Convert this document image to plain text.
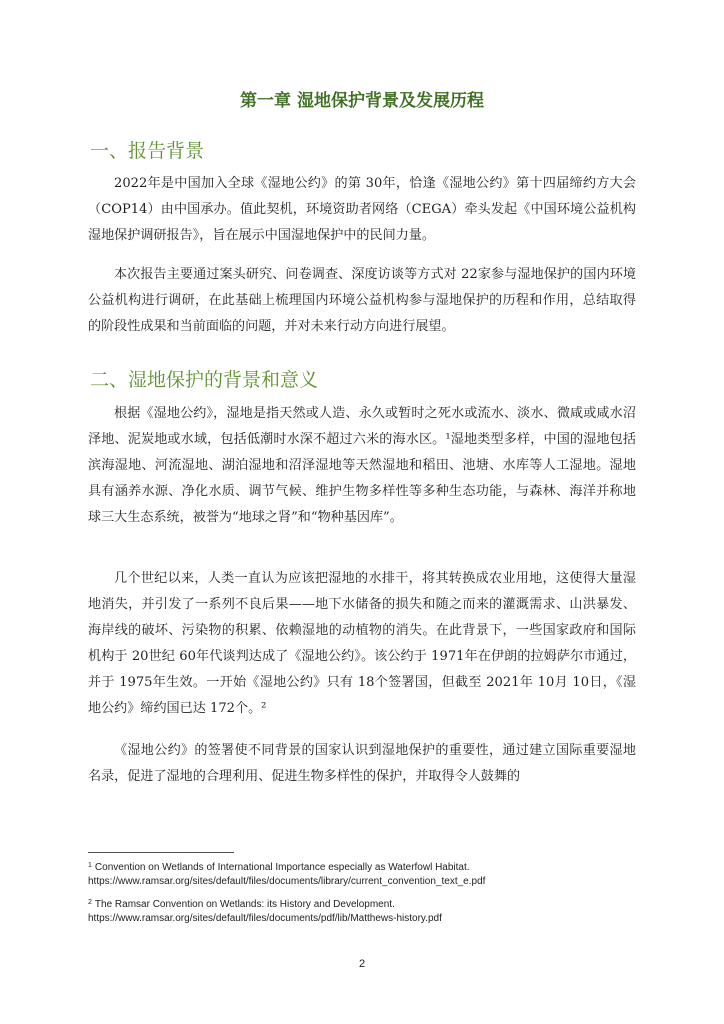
第一章 湿地保护背景及发展历程
一、报告背景

2022年是中国加入全球《湿地公约》的第 30年，恰逢《湿地公约》第十四届缔约方大会（COP14）由中国承办。值此契机，环境资助者网络（CEGA）牵头发起《中国环境公益机构湿地保护调研报告》，旨在展示中国湿地保护中的民间力量。

本次报告主要通过案头研究、问卷调查、深度访谈等方式对 22家参与湿地保护的国内环境公益机构进行调研，在此基础上梳理国内环境公益机构参与湿地保护的历程和作用，总结取得的阶段性成果和当前面临的问题，并对未来行动方向进行展望。

二、湿地保护的背景和意义

根据《湿地公约》，湿地是指天然或人造、永久或暂时之死水或流水、淡水、微咸或咸水沼泽地、泥炭地或水域，包括低潮时水深不超过六米的海水区。¹湿地类型多样，中国的湿地包括滨海湿地、河流湿地、湖泊湿地和沼泽湿地等天然湿地和稻田、池塘、水库等人工湿地。湿地具有涵养水源、净化水质、调节气候、维护生物多样性等多种生态功能，与森林、海洋并称地球三大生态系统，被誉为“地球之肾”和“物种基因库”。

几个世纪以来，人类一直认为应该把湿地的水排干，将其转换成农业用地，这使得大量湿地消失，并引发了一系列不良后果——地下水储备的损失和随之而来的灌溉需求、山洪暴发、海岸线的破坏、污染物的积累、依赖湿地的动植物的消失。在此背景下，一些国家政府和国际机构于 20世纪 60年代谈判达成了《湿地公约》。该公约于 1971年在伊朗的拉姆萨尔市通过，并于 1975年生效。一开始《湿地公约》只有 18个签署国，但截至 2021年 10月 10日，《湿地公约》缔约国已达 172个。²

《湿地公约》的签署使不同背景的国家认识到湿地保护的重要性，通过建立国际重要湿地名录，促进了湿地的合理利用、促进生物多样性的保护，并取得令人鼓舞的

$^1$ Convention on Wetlands of International Importance especially as Waterfowl Habitat.
https://www.ramsar.org/sites/default/files/documents/library/current_convention_text_e.pdf
$^2$ The Ramsar Convention on Wetlands: its History and Development.
https://www.ramsar.org/sites/default/files/documents/pdf/lib/Matthews-history.pdf
2
